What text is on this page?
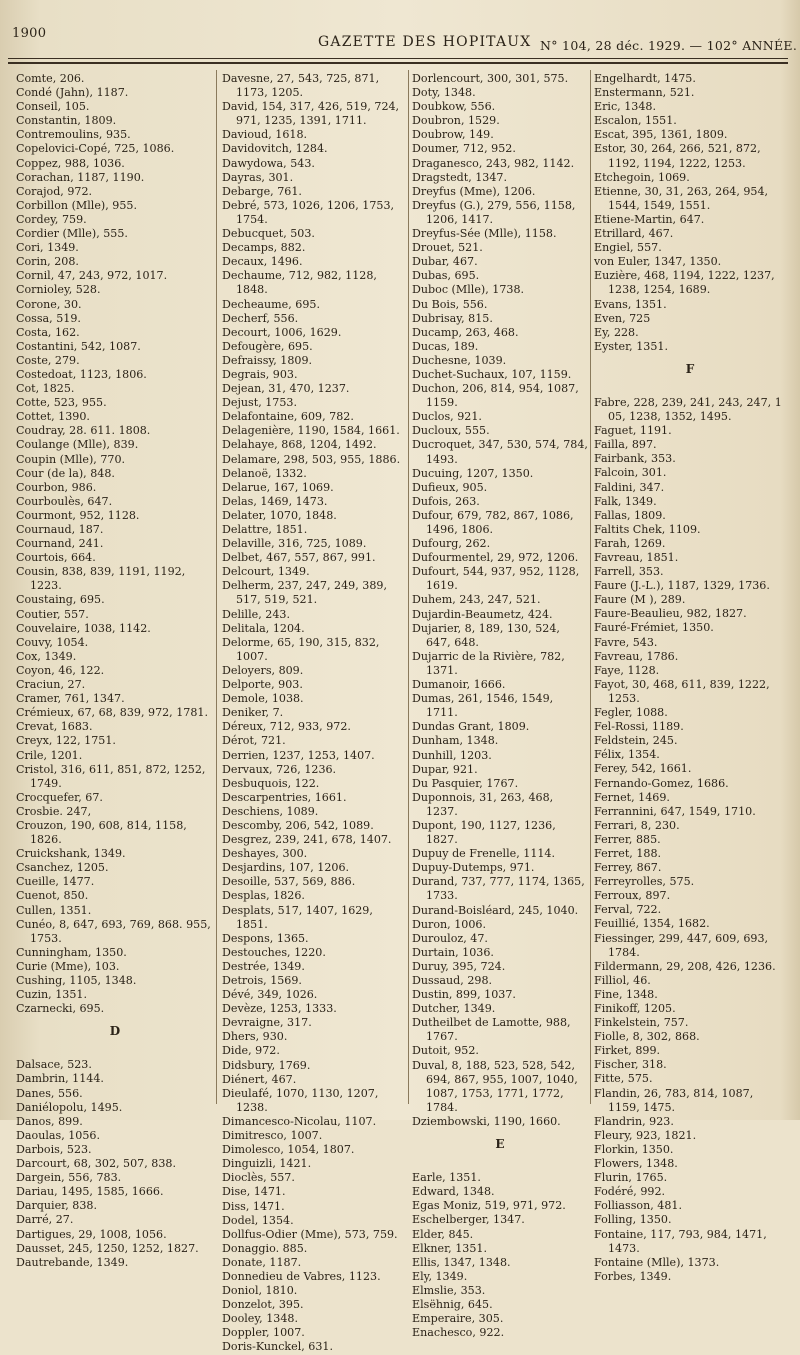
1900
GAZETTE DES HOPITAUX N° 104, 28 déc. 1929. — 102° ANNÉE.
Comte, 206.
Condé (Jahn), 1187.
Conseil, 105.
Constantin, 1809.
Contremoulins, 935.
Copelovici-Copé, 725, 1086.
Coppez, 988, 1036.
Corachan, 1187, 1190.
Corajod, 972.
Corbillon (Mlle), 955.
Cordey, 759.
Cordier (Mlle), 555.
Cori, 1349.
Corin, 208.
Cornil, 47, 243, 972, 1017.
Cornioley, 528.
Corone, 30.
Cossa, 519.
Costa, 162.
Costantini, 542, 1087.
Coste, 279.
Costedoat, 1123, 1806.
Cot, 1825.
Cotte, 523, 955.
Cottet, 1390.
Coudray, 28. 611. 1808.
Coulange (Mlle), 839.
Coupin (Mlle), 770.
Cour (de la), 848.
Courbon, 986.
Courboulès, 647.
Courmont, 952, 1128.
Cournaud, 187.
Cournand, 241.
Courtois, 664.
Cousin, 838, 839, 1191, 1192, 1223.
Coustaing, 695.
Coutier, 557.
Couvelaire, 1038, 1142.
Couvy, 1054.
Cox, 1349.
Coyon, 46, 122.
Craciun, 27.
Cramer, 761, 1347.
Crémieux, 67, 68, 839, 972, 1781.
Crevat, 1683.
Creyx, 122, 1751.
Crile, 1201.
Cristol, 316, 611, 851, 872, 1252, 1749.
Crocquefer, 67.
Crosbie. 247,
Crouzon, 190, 608, 814, 1158, 1826.
Cruickshank, 1349.
Csanchez, 1205.
Cueille, 1477.
Cuenot, 850.
Cullen, 1351.
Cunéo, 8, 647, 693, 769, 868. 955, 1753.
Cunningham, 1350.
Curie (Mme), 103.
Cushing, 1105, 1348.
Cuzin, 1351.
Czarnecki, 695.
D
Dalsace, 523.
Dambrin, 1144.
Danes, 556.
Daniélopolu, 1495.
Danos, 899.
Daoulas, 1056.
Darbois, 523.
Darcourt, 68, 302, 507, 838.
Dargein, 556, 783.
Dariau, 1495, 1585, 1666.
Darquier, 838.
Darré, 27.
Dartigues, 29, 1008, 1056.
Dausset, 245, 1250, 1252, 1827.
Dautrebande, 1349.
Davesne, 27, 543, 725, 871, 1173, 1205.
David, 154, 317, 426, 519, 724, 971, 1235, 1391, 1711.
Davioud, 1618.
Davidovitch, 1284.
Dawydowa, 543.
Dayras, 301.
Debarge, 761.
Debré, 573, 1026, 1206, 1753, 1754.
Debucquet, 503.
Decamps, 882.
Decaux, 1496.
Dechaume, 712, 982, 1128, 1848.
Decheaume, 695.
Decherf, 556.
Decourt, 1006, 1629.
Defougère, 695.
Defraissy, 1809.
Degrais, 903.
Dejean, 31, 470, 1237.
Dejust, 1753.
Delafontaine, 609, 782.
Delagenière, 1190, 1584, 1661.
Delahaye, 868, 1204, 1492.
Delamare, 298, 503, 955, 1886.
Delanoë, 1332.
Delarue, 167, 1069.
Delas, 1469, 1473.
Delater, 1070, 1848.
Delattre, 1851.
Delaville, 316, 725, 1089.
Delbet, 467, 557, 867, 991.
Delcourt, 1349.
Delherm, 237, 247, 249, 389, 517, 519, 521.
Delille, 243.
Delitala, 1204.
Delorme, 65, 190, 315, 832, 1007.
Deloyers, 809.
Delporte, 903.
Demole, 1038.
Deniker, 7.
Déreux, 712, 933, 972.
Dérot, 721.
Derrien, 1237, 1253, 1407.
Dervaux, 726, 1236.
Desbuquois, 122.
Descarpentries, 1661.
Deschiens, 1089.
Descomby, 206, 542, 1089.
Desgrez, 239, 241, 678, 1407.
Deshayes, 300.
Desjardins, 107, 1206.
Desoille, 537, 569, 886.
Desplas, 1826.
Desplats, 517, 1407, 1629, 1851.
Despons, 1365.
Destouches, 1220.
Destrée, 1349.
Detrois, 1569.
Dévé, 349, 1026.
Devèze, 1253, 1333.
Devraigne, 317.
Dhers, 930.
Dide, 972.
Didsbury, 1769.
Diénert, 467.
Dieulafé, 1070, 1130, 1207, 1238.
Dimancesco-Nicolau, 1107.
Dimitresco, 1007.
Dimolesco, 1054, 1807.
Dinguizli, 1421.
Dioclès, 557.
Dise, 1471.
Diss, 1471.
Dodel, 1354.
Dollfus-Odier (Mme), 573, 759.
Donaggio. 885.
Donate, 1187.
Donnedieu de Vabres, 1123.
Doniol, 1810.
Donzelot, 395.
Dooley, 1348.
Doppler, 1007.
Doris-Kunckel, 631.
Dorlencourt, 300, 301, 575.
Doty, 1348.
Doubkow, 556.
Doubron, 1529.
Doubrow, 149.
Doumer, 712, 952.
Draganesco, 243, 982, 1142.
Dragstedt, 1347.
Dreyfus (Mme), 1206.
Dreyfus (G.), 279, 556, 1158, 1206, 1417.
Dreyfus-Sée (Mlle), 1158.
Drouet, 521.
Dubar, 467.
Dubas, 695.
Duboc (Mlle), 1738.
Du Bois, 556.
Dubrisay, 815.
Ducamp, 263, 468.
Ducas, 189.
Duchesne, 1039.
Duchet-Suchaux, 107, 1159.
Duchon, 206, 814, 954, 1087, 1159.
Duclos, 921.
Ducloux, 555.
Ducroquet, 347, 530, 574, 784, 1493.
Ducuing, 1207, 1350.
Dufieux, 905.
Dufois, 263.
Dufour, 679, 782, 867, 1086, 1496, 1806.
Dufourg, 262.
Dufourmentel, 29, 972, 1206.
Dufourt, 544, 937, 952, 1128, 1619.
Duhem, 243, 247, 521.
Dujardin-Beaumetz, 424.
Dujarier, 8, 189, 130, 524, 647, 648.
Dujarric de la Rivière, 782, 1371.
Dumanoir, 1666.
Dumas, 261, 1546, 1549, 1711.
Dundas Grant, 1809.
Dunham, 1348.
Dunhill, 1203.
Dupar, 921.
Du Pasquier, 1767.
Duponnois, 31, 263, 468, 1237.
Dupont, 190, 1127, 1236, 1827.
Dupuy de Frenelle, 1114.
Dupuy-Dutemps, 971.
Durand, 737, 777, 1174, 1365, 1733.
Durand-Boisléard, 245, 1040.
Duron, 1006.
Durouloz, 47.
Durtain, 1036.
Duruy, 395, 724.
Dussaud, 298.
Dustin, 899, 1037.
Dutcher, 1349.
Dutheilbet de Lamotte, 988, 1767.
Dutoit, 952.
Duval, 8, 188, 523, 528, 542, 694, 867, 955, 1007, 1040, 1087, 1753, 1771, 1772, 1784.
Dziembowski, 1190, 1660.
E
Earle, 1351.
Edward, 1348.
Egas Moniz, 519, 971, 972.
Eschelberger, 1347.
Elder, 845.
Elkner, 1351.
Ellis, 1347, 1348.
Ely, 1349.
Elmslie, 353.
Elsëhnig, 645.
Emperaire, 305.
Enachesco, 922.
Engelhardt, 1475.
Enstermann, 521.
Eric, 1348.
Escalon, 1551.
Escat, 395, 1361, 1809.
Estor, 30, 264, 266, 521, 872, 1192, 1194, 1222, 1253.
Etchegoin, 1069.
Etienne, 30, 31, 263, 264, 954, 1544, 1549, 1551.
Etiene-Martin, 647.
Etrillard, 467.
Engiel, 557.
von Euler, 1347, 1350.
Euzière, 468, 1194, 1222, 1237, 1238, 1254, 1689.
Evans, 1351.
Even, 725
Ey, 228.
Eyster, 1351.
F
Fabre, 228, 239, 241, 243, 247, 1 05, 1238, 1352, 1495.
Faguet, 1191.
Failla, 897.
Fairbank, 353.
Falcoin, 301.
Faldini, 347.
Falk, 1349.
Fallas, 1809.
Faltits Chek, 1109.
Farah, 1269.
Favreau, 1851.
Farrell, 353.
Faure (J.-L.), 1187, 1329, 1736.
Faure (M ), 289.
Faure-Beaulieu, 982, 1827.
Fauré-Frémiet, 1350.
Favre, 543.
Favreau, 1786.
Faye, 1128.
Fayot, 30, 468, 611, 839, 1222, 1253.
Fegler, 1088.
Fel-Rossi, 1189.
Feldstein, 245.
Félix, 1354.
Ferey, 542, 1661.
Fernando-Gomez, 1686.
Fernet, 1469.
Ferrannini, 647, 1549, 1710.
Ferrari, 8, 230.
Ferrer, 885.
Ferret, 188.
Ferrey, 867.
Ferreyrolles, 575.
Ferroux, 897.
Ferval, 722.
Feuillié, 1354, 1682.
Fiessinger, 299, 447, 609, 693, 1784.
Fildermann, 29, 208, 426, 1236.
Filliol, 46.
Fine, 1348.
Finikoff, 1205.
Finkelstein, 757.
Fiolle, 8, 302, 868.
Firket, 899.
Fischer, 318.
Fitte, 575.
Flandin, 26, 783, 814, 1087, 1159, 1475.
Flandrin, 923.
Fleury, 923, 1821.
Florkin, 1350.
Flowers, 1348.
Flurin, 1765.
Fodéré, 992.
Folliasson, 481.
Folling, 1350.
Fontaine, 117, 793, 984, 1471, 1473.
Fontaine (Mlle), 1373.
Forbes, 1349.
